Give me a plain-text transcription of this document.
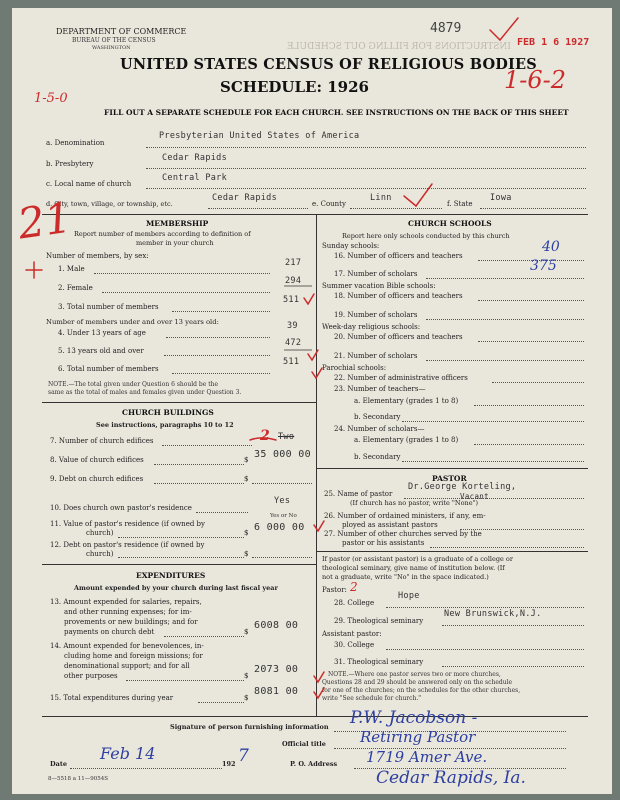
INSTRUCTIONS FOR FILLING OUT SCHEDULE
DEPARTMENT OF COMMERCE
BUREAU OF THE CENSUS
WASHINGTON
4879
FEB 1 6 1927
UNITED STATES CENSUS OF RELIGIOUS BODIES
SCHEDULE: 1926
FILL OUT A SEPARATE SCHEDULE FOR EACH CHURCH. SEE INSTRUCTIONS ON THE BACK OF THIS SHEET
1-5-0
1-6-2
a. Denomination
Presbyterian United States of America
b. Presbytery
Cedar Rapids
c. Local name of church
Central Park
d. City, town, village, or township, etc.
Cedar Rapids
e. County
Linn
f. State
Iowa
MEMBERSHIP
Report number of members according to definition of
member in your church
Number of members, by sex:
1. Male
217
2. Female
294
3. Total number of members
511
Number of members under and over 13 years old:
4. Under 13 years of age
39
5. 13 years old and over
472
6. Total number of members
511
NOTE.—The total given under Question 6 should be the
same as the total of males and females given under Question 3.
CHURCH BUILDINGS
See instructions, paragraphs 10 to 12
7. Number of church edifices	2 Two
8. Value of church edifices	$ 35 000 00
9. Debt on church edifices	$
10. Does church own pastor's residence
Yes
Yes or No
11. Value of pastor's residence (if owned by
church)	$ 6 000 00
12. Debt on pastor's residence (if owned by
church)	$
EXPENDITURES
Amount expended by your church during last fiscal year
13. Amount expended for salaries, repairs,
and other running expenses; for im-
provements or new buildings; and for
payments on church debt	$
6008 00
14. Amount expended for benevolences, in-
cluding home and foreign missions; for
denominational support; and for all
other purposes	$
2073 00
15. Total expenditures during year	$
8081 00
CHURCH SCHOOLS
Report here only schools conducted by this church
Sunday schools:
16. Number of officers and teachers
40
17. Number of scholars	375
Summer vacation Bible schools:
18. Number of officers and teachers
19. Number of scholars
Week-day religious schools:
20. Number of officers and teachers
21. Number of scholars
Parochial schools:
22. Number of administrative officers
23. Number of teachers—
a. Elementary (grades 1 to 8)
b. Secondary
24. Number of scholars—
a. Elementary (grades 1 to 8)
b. Secondary
PASTOR
25. Name of pastor
Dr.George Korteling,
(If church has no pastor, write "None")
Vacant
26. Number of ordained ministers, if any, em-
ployed as assistant pastors
27. Number of other churches served by the
pastor or his assistants
If pastor (or assistant pastor) is a graduate of a college or
theological seminary, give name of institution below. (If
not a graduate, write "No" in the space indicated.)
Pastor: 2
28. College
Hope
29. Theological seminary
New Brunswick,N.J.
Assistant pastor:
30. College
31. Theological seminary
NOTE.—Where one pastor serves two or more churches,
Questions 28 and 29 should be answered only on the schedule
for one of the churches; on the schedules for the other churches,
write "See schedule for church."
Signature of person furnishing information P.W. Jacobson -
Official title Retiring Pastor
Date
Feb 14
192 7	P. O. Address 1719 Amer Ave.
Cedar Rapids, Ia.
8—5518 a 11—9054S
21
